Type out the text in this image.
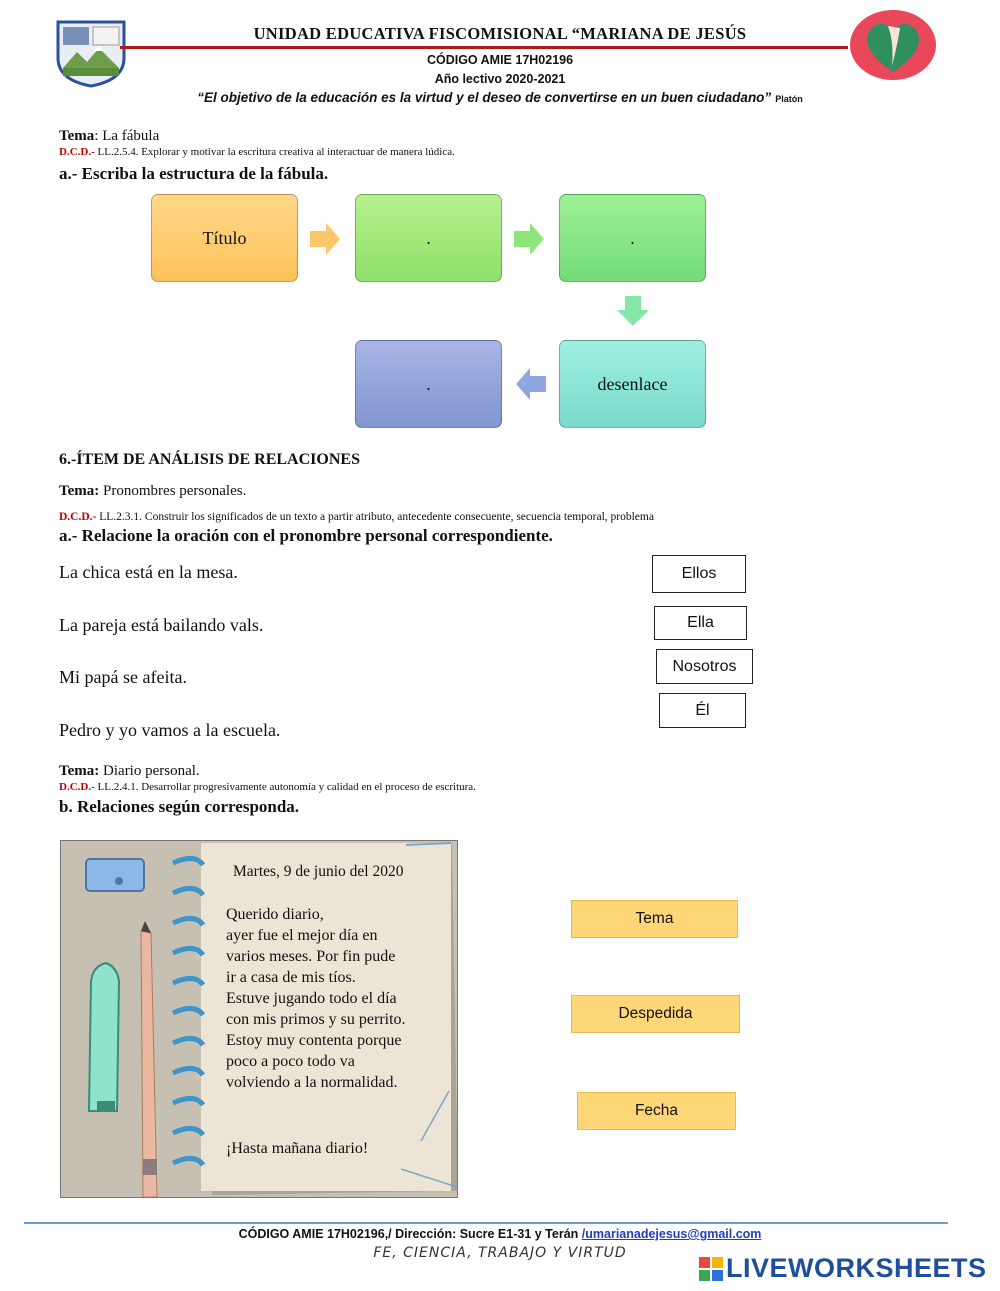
UNIDAD EDUCATIVA FISCOMISIONAL “MARIANA DE JESÚS
CÓDIGO AMIE 17H02196
Año lectivo 2020-2021
“El objetivo de la educación es la virtud y el deseo de convertirse en un buen ciudadano” Platón
Tema: La fábula
D.C.D.- LL.2.5.4. Explorar y motivar la escritura creativa al interactuar de manera lúdica.
a.- Escriba la estructura de la fábula.
Título	.	.
desenlace
.
6.-ÍTEM DE ANÁLISIS DE RELACIONES
Tema: Pronombres personales.
D.C.D.- LL.2.3.1. Construir los significados de un texto a partir atributo, antecedente consecuente, secuencia temporal, problema
a.- Relacione la oración con el pronombre personal correspondiente.
La chica está en la mesa.
La pareja está bailando vals.
Mi papá se afeita.
Pedro y yo vamos a la escuela.
Ellos
Ella
Nosotros
Él
Tema: Diario personal.
D.C.D.- LL.2.4.1. Desarrollar progresivamente autonomía y calidad en el proceso de escritura.
b. Relaciones según corresponda.
Martes, 9 de junio del 2020
Querido diario,
ayer fue el mejor día en
varios meses. Por fin pude
ir a casa de mis tíos.
Estuve jugando todo el día
con mis primos y su perrito.
Estoy muy contenta porque
poco a poco todo va
volviendo a la normalidad.
¡Hasta mañana diario!
Tema
Despedida
Fecha
CÓDIGO AMIE 17H02196,/ Dirección: Sucre E1-31 y Terán /umarianadejesus@gmail.com
FE, CIENCIA, TRABAJO Y VIRTUD	LIVEWORKSHEETS
